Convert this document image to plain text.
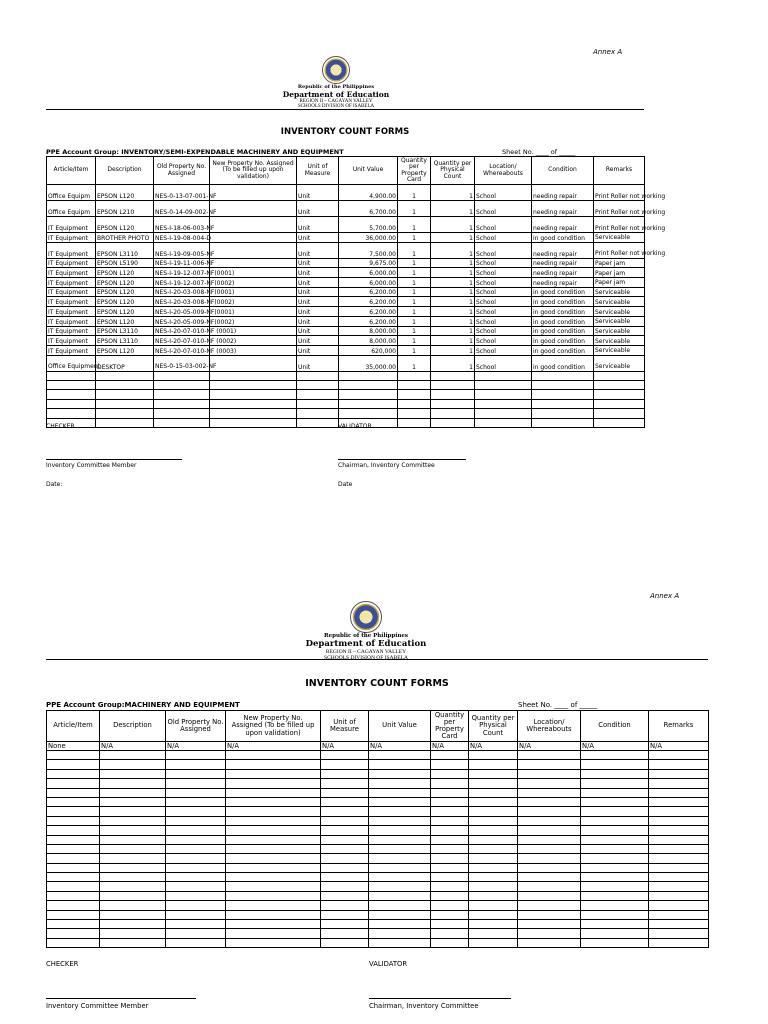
Annex A
Republic of the Philippines
Department of Education
REGION II – CAGAYAN VALLEY
SCHOOLS DIVISION OF ISABELA
INVENTORY COUNT FORMS
PPE Account Group: INVENTORY/SEMI-EXPENDABLE MACHINERY AND EQUIPMENT	Sheet No. ____ of _____
Article/Item	Description	Old Property No. Assigned	New Property No. Assigned (To be filled up upon validation)	Unit of Measure	Unit Value	Quantity per Property Card	Quantity per Physical Count	Location/ Whereabouts	Condition	Remarks
Office Equipm	EPSON L120	NES-0-13-07-001-NF		Unit	4,900.00	1	1	School	needing repair	Print Roller not working
Office Equipm	EPSON L210	NES-0-14-09-002-NF		Unit	6,700.00	1	1	School	needing repair	Print Roller not working
IT Equipment	EPSON L120	NES-I-18-06-003-NF		Unit	5,700.00	1	1	School	needing repair	Print Roller not working
IT Equipment	BROTHER PHOTO	NES-I-19-08-004-D		Unit	36,000.00	1	1	School	in good condition	Serviceable
IT Equipment	EPSON L3110	NES-I-19-09-005-NF		Unit	7,500.00	1	1	School	needing repair	Print Roller not working
IT Equipment	EPSON L5190	NES-I-19-11-006-NF		Unit	9,675.00	1	1	School	needing repair	Paper jam
IT Equipment	EPSON L120	NES-I-19-12-007-NF(0001)		Unit	6,000.00	1	1	School	needing repair	Paper jam
IT Equipment	EPSON L120	NES-I-19-12-007-NF(0002)		Unit	6,000.00	1	1	School	needing repair	Paper jam
IT Equipment	EPSON L120	NES-I-20-03-008-NF(0001)		Unit	6,200.00	1	1	School	in good condition	Serviceable
IT Equipment	EPSON L120	NES-I-20-03-008-NF(0002)		Unit	6,200.00	1	1	School	in good condition	Serviceable
IT Equipment	EPSON L120	NES-I-20-05-009-NF(0001)		Unit	6,200.00	1	1	School	in good condition	Serviceable
IT Equipment	EPSON L120	NES-I-20-05-009-NF(0002)		Unit	6,200.00	1	1	School	in good condition	Serviceable
IT Equipment	EPSON L3110	NES-I-20-07-010-NF (0001)		Unit	8,000.00	1	1	School	in good condition	Serviceable
IT Equipment	EPSON L3110	NES-I-20-07-010-NF (0002)		Unit	8,000.00	1	1	School	in good condition	Serviceable
IT Equipment	EPSON L120	NES-I-20-07-010-NF (0003)		Unit	620,000	1	1	School	in good condition	Serviceable
Office Equipment	DESKTOP	NES-0-15-03-002-NF		Unit	35,000.00	1	1	School	in good condition	Serviceable

CHECKER	VALIDATOR
Inventory Committee Member	Chairman, Inventory Committee
Date:	Date
Annex A
Republic of the Philippines
Department of Education
REGION II – CAGAYAN VALLEY
SCHOOLS DIVISION OF ISABELA
INVENTORY COUNT FORMS
PPE Account Group:MACHINERY AND EQUIPMENT	Sheet No. ____ of _____
Article/Item	Description	Old Property No. Assigned	New Property No. Assigned (To be filled up upon validation)	Unit of Measure	Unit Value	Quantity per Property Card	Quantity per Physical Count	Location/ Whereabouts	Condition	Remarks
None	N/A	N/A	N/A	N/A	N/A	N/A	N/A	N/A	N/A	N/A

CHECKER	VALIDATOR
Inventory Committee Member	Chairman, Inventory Committee
